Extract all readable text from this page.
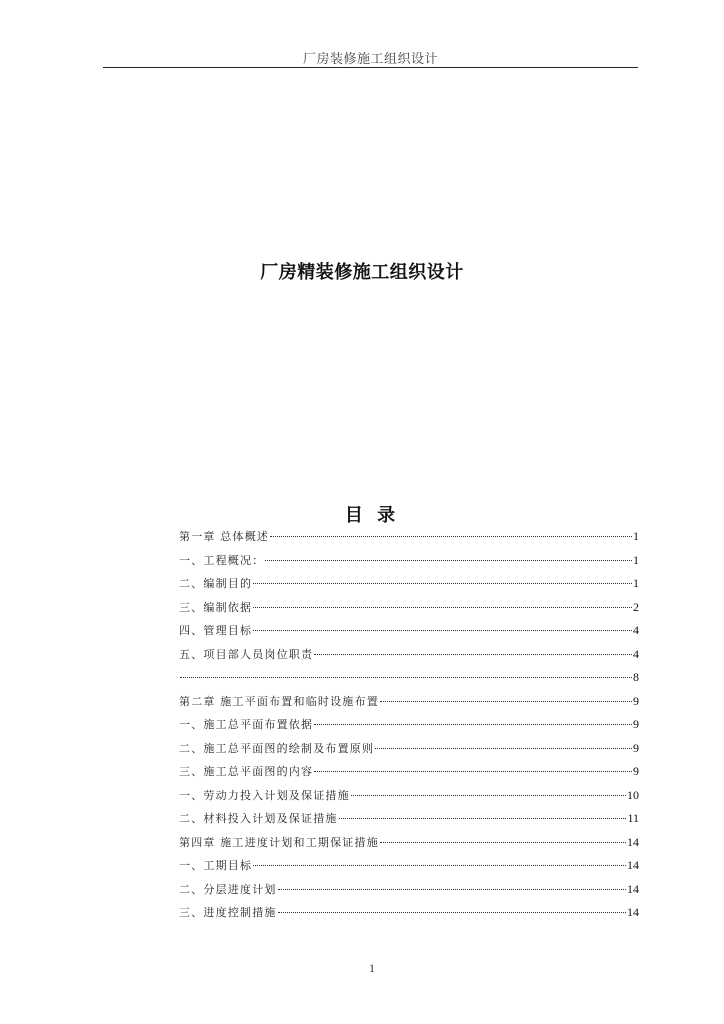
厂房装修施工组织设计
厂房精装修施工组织设计
目 录
第一章 总体概述	1
一、工程概况：	1
二、编制目的	1
三、编制依据	2
四、管理目标	4
五、项目部人员岗位职责	4
8
第二章 施工平面布置和临时设施布置	9
一、施工总平面布置依据	9
二、施工总平面图的绘制及布置原则	9
三、施工总平面图的内容	9
一、劳动力投入计划及保证措施	10
二、材料投入计划及保证措施	11
第四章 施工进度计划和工期保证措施	14
一、工期目标	14
二、分层进度计划	14
三、进度控制措施	14
1
